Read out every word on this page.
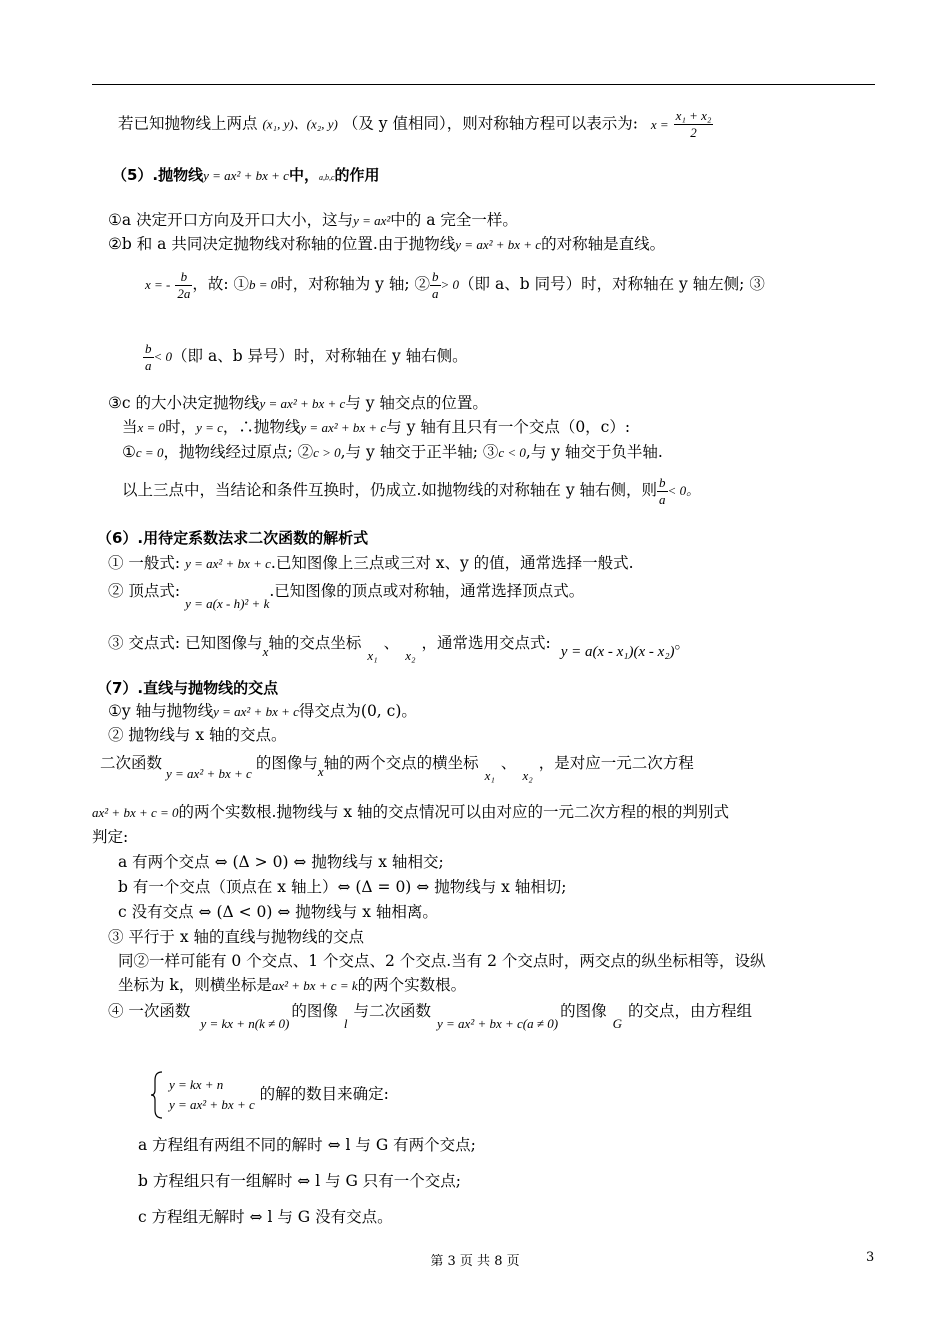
若已知抛物线上两点 (x₁, y)、(x₂, y) （及 y 值相同），则对称轴方程可以表示为: $x = \frac{\text{x₁ + x₂}}{2}$
（5）.抛物线y = ax² + bx + c中，a,b,c的作用
①a 决定开口方向及开口大小，这与y = ax²中的 a 完全一样。
②b 和 a 共同决定抛物线对称轴的位置.由于抛物线y = ax² + bx + c的对称轴是直线。
x = - $\frac{b}{2a}$ ，故: ①b = 0时，对称轴为 y 轴; ② $\frac{b}{a} > 0$（即 a、b 同号）时，对称轴在 y 轴左侧; ③
$\frac{b}{a} < 0$（即 a、b 异号）时，对称轴在 y 轴右侧。
③c 的大小决定抛物线y = ax² + bx + c与 y 轴交点的位置。
当x = 0时，y = c，∴抛物线y = ax² + bx + c与 y 轴有且只有一个交点（0，c）:
①c = 0，抛物线经过原点; ②c > 0,与 y 轴交于正半轴; ③c < 0,与 y 轴交于负半轴.
以上三点中，当结论和条件互换时，仍成立.如抛物线的对称轴在 y 轴右侧，则 $\frac{b}{a} < 0$。
（6）.用待定系数法求二次函数的解析式
① 一般式: y = ax² + bx + c.已知图像上三点或三对 x、y 的值，通常选择一般式.
② 顶点式: $_{y = a(x - h)^2 + k}$.已知图像的顶点或对称轴，通常选择顶点式。
③ 交点式: 已知图像与$_x$轴的交点坐标$_{x_1}$、$_{x_2}$，通常选用交点式: y = a(x - x₁)(x - x₂)。
（7）.直线与抛物线的交点
①y 轴与抛物线y = ax² + bx + c得交点为(0, c)。
② 抛物线与 x 轴的交点。
二次函数$_{y = ax^2 + bx + c}$的图像与$_x$轴的两个交点的横坐标$_{x_1}$、$_{x_2}$，是对应一元二次方程
ax² + bx + c = 0的两个实数根.抛物线与 x 轴的交点情况可以由对应的一元二次方程的根的判别式
判定:
a 有两个交点 ⇔ (Δ > 0) ⇔ 抛物线与 x 轴相交;
b 有一个交点（顶点在 x 轴上）⇔ (Δ = 0) ⇔ 抛物线与 x 轴相切;
c 没有交点 ⇔ (Δ < 0) ⇔ 抛物线与 x 轴相离。
③ 平行于 x 轴的直线与抛物线的交点
同②一样可能有 0 个交点、1 个交点、2 个交点.当有 2 个交点时，两交点的纵坐标相等，设纵
坐标为 k，则横坐标是ax² + bx + c = k的两个实数根。
④ 一次函数$_{y = kx + n(k \ne 0)}$的图像$_l$与二次函数$_{y = ax^2 + bx + c(a \ne 0)}$的图像$_G$的交点，由方程组

y = kx + n
y = ax² + bx + c
的解的数目来确定:
a 方程组有两组不同的解时 ⇔ l 与 G 有两个交点;
b 方程组只有一组解时 ⇔ l 与 G 只有一个交点;
c 方程组无解时 ⇔ l 与 G 没有交点。
第 3 页 共 8 页	3
